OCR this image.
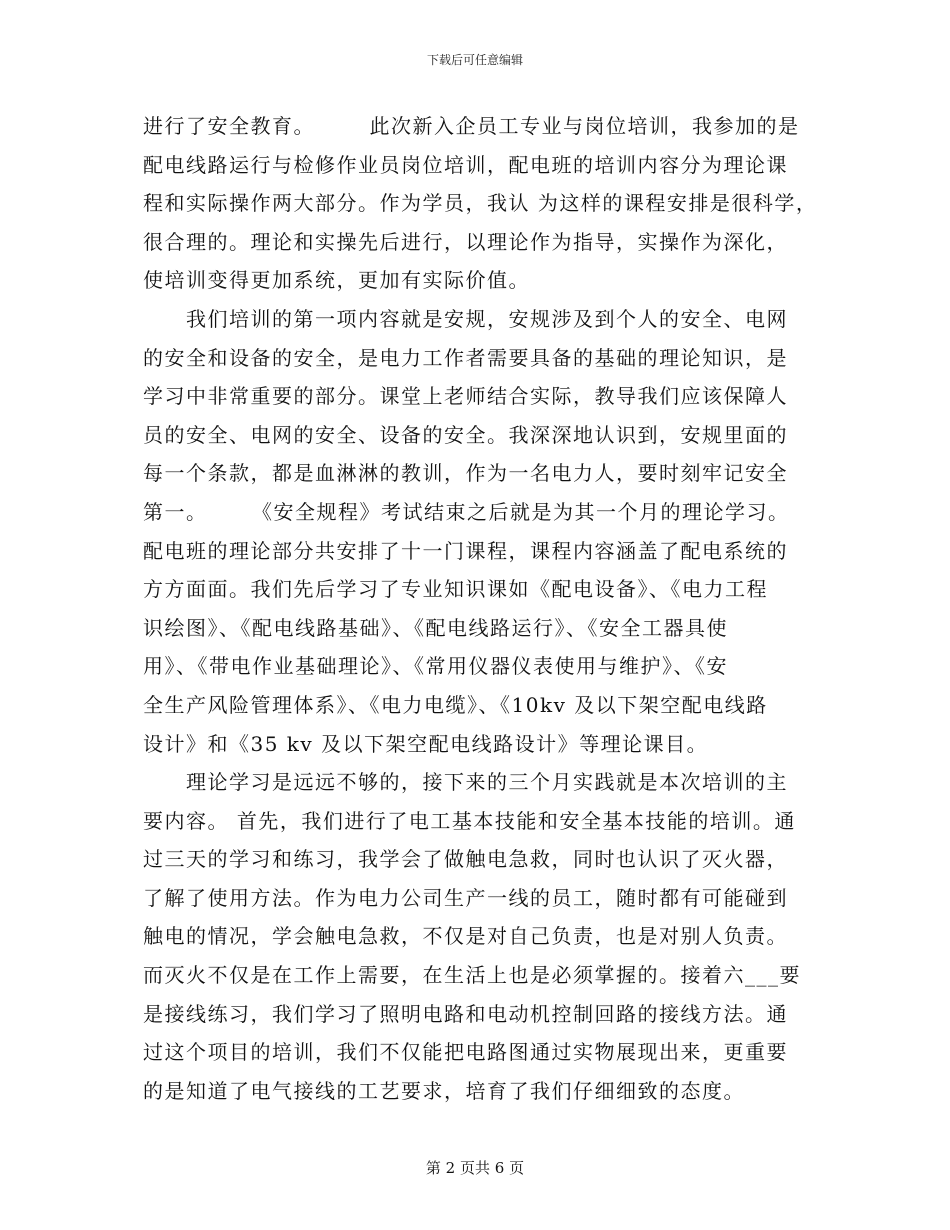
下载后可任意编辑
进行了安全教育。　　　此次新入企员工专业与岗位培训，我参加的是
配电线路运行与检修作业员岗位培训，配电班的培训内容分为理论课
程和实际操作两大部分。作为学员，我认 为这样的课程安排是很科学，
很合理的。理论和实操先后进行，以理论作为指导，实操作为深化，
使培训变得更加系统，更加有实际价值。
　　我们培训的第一项内容就是安规，安规涉及到个人的安全、电网
的安全和设备的安全，是电力工作者需要具备的基础的理论知识，是
学习中非常重要的部分。课堂上老师结合实际，教导我们应该保障人
员的安全、电网的安全、设备的安全。我深深地认识到，安规里面的
每一个条款，都是血淋淋的教训，作为一名电力人，要时刻牢记安全
第一。　　　《安全规程》考试结束之后就是为其一个月的理论学习。
配电班的理论部分共安排了十一门课程，课程内容涵盖了配电系统的
方方面面。我们先后学习了专业知识课如《配电设备》、《电力工程
识绘图》、《配电线路基础》、《配电线路运行》、《安全工器具使
用》、《带电作业基础理论》、《常用仪器仪表使用与维护》、《安
全生产风险管理体系》、《电力电缆》、《10kv 及以下架空配电线路
设计》和《35 kv 及以下架空配电线路设计》等理论课目。
　　理论学习是远远不够的，接下来的三个月实践就是本次培训的主
要内容。 首先，我们进行了电工基本技能和安全基本技能的培训。通
过三天的学习和练习，我学会了做触电急救，同时也认识了灭火器，
了解了使用方法。作为电力公司生产一线的员工，随时都有可能碰到
触电的情况，学会触电急救，不仅是对自己负责，也是对别人负责。
而灭火不仅是在工作上需要，在生活上也是必须掌握的。接着六___要
是接线练习，我们学习了照明电路和电动机控制回路的接线方法。通
过这个项目的培训，我们不仅能把电路图通过实物展现出来，更重要
的是知道了电气接线的工艺要求，培育了我们仔细细致的态度。
第 2 页共 6 页
